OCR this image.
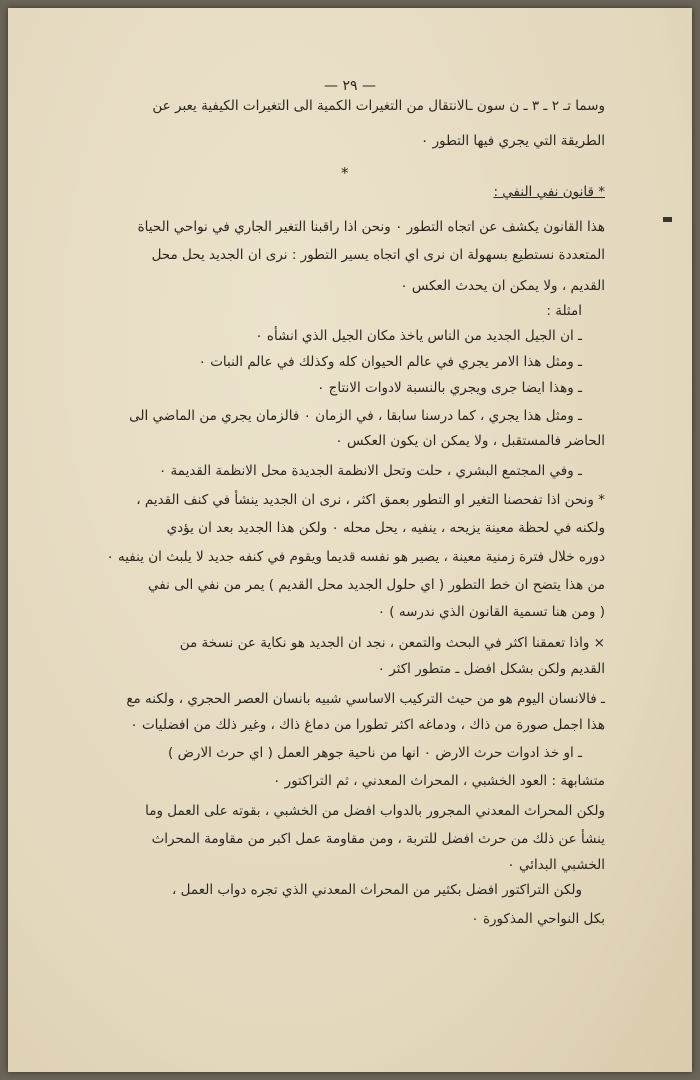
— ٢٩ —
*
وسما تـ ٢ ـ ٣ ـ ن سون ـالانتقال من التغيرات الكمية الى التغيرات الكيفية يعبر عن
الطريقة التي يجري فيها التطور ٠
* قانون نفي النفي :
هذا القانون يكشف عن اتجاه التطور ٠ ونحن اذا راقبنا التغير الجاري في نواحي الحياة
المتعددة نستطيع بسهولة ان نرى اي اتجاه يسير التطور : نرى ان الجديد يحل محل
القديم ، ولا يمكن ان يحدث العكس ٠
امثلة :
ـ ان الجيل الجديد من الناس ياخذ مكان الجيل الذي انشأه ٠
ـ ومثل هذا الامر يجري في عالم الحيوان كله وكذلك في عالم النبات ٠
ـ وهذا ايضا جرى ويجري بالنسبة لادوات الانتاج ٠
ـ ومثل هذا يجري ، كما درسنا سابقا ، في الزمان ٠ فالزمان يجري من الماضي الى
الحاضر فالمستقبل ، ولا يمكن ان يكون العكس ٠
ـ وفي المجتمع البشري ، حلت وتحل الانظمة الجديدة محل الانظمة القديمة ٠
* ونحن اذا تفحصنا التغير او التطور بعمق اكثر ، نرى ان الجديد ينشأ في كنف القديم ،
ولكنه في لحظة معينة يزيحه ، ينفيه ، يحل محله ٠ ولكن هذا الجديد بعد ان يؤدي
دوره خلال فترة زمنية معينة ، يصير هو نفسه قديما ويقوم في كنفه جديد لا يلبث ان ينفيه ٠
من هذا يتضح ان خط التطور ( اي حلول الجديد محل القديم ) يمر من نفي الى نفي
( ومن هنا تسمية القانون الذي ندرسه ) ٠
× واذا تعمقنا اكثر في البحث والتمعن ، نجد ان الجديد هو نكاية عن نسخة من
القديم ولكن بشكل افضل ـ متطور اكثر ٠
ـ فالانسان اليوم هو من حيث التركيب الاساسي شبيه بانسان العصر الحجري ، ولكنه مع
هذا اجمل صورة من ذاك ، ودماغه اكثر تطورا من دماغ ذاك ، وغير ذلك من افضليات ٠
ـ او خذ ادوات حرث الارض ٠ انها من ناحية جوهر العمل ( اي حرث الارض )
متشابهة : العود الخشبي ، المحراث المعدني ، ثم التراكتور ٠
ولكن المحراث المعدني المجرور بالدواب افضل من الخشبي ، بقوته على العمل وما
ينشأ عن ذلك من حرث افضل للتربة ، ومن مقاومة عمل اكبر من مقاومة المحراث
الخشبي البدائي ٠
ولكن التراكتور افضل بكثير من المحراث المعدني الذي تجره دواب العمل ،
بكل النواحي المذكورة ٠
